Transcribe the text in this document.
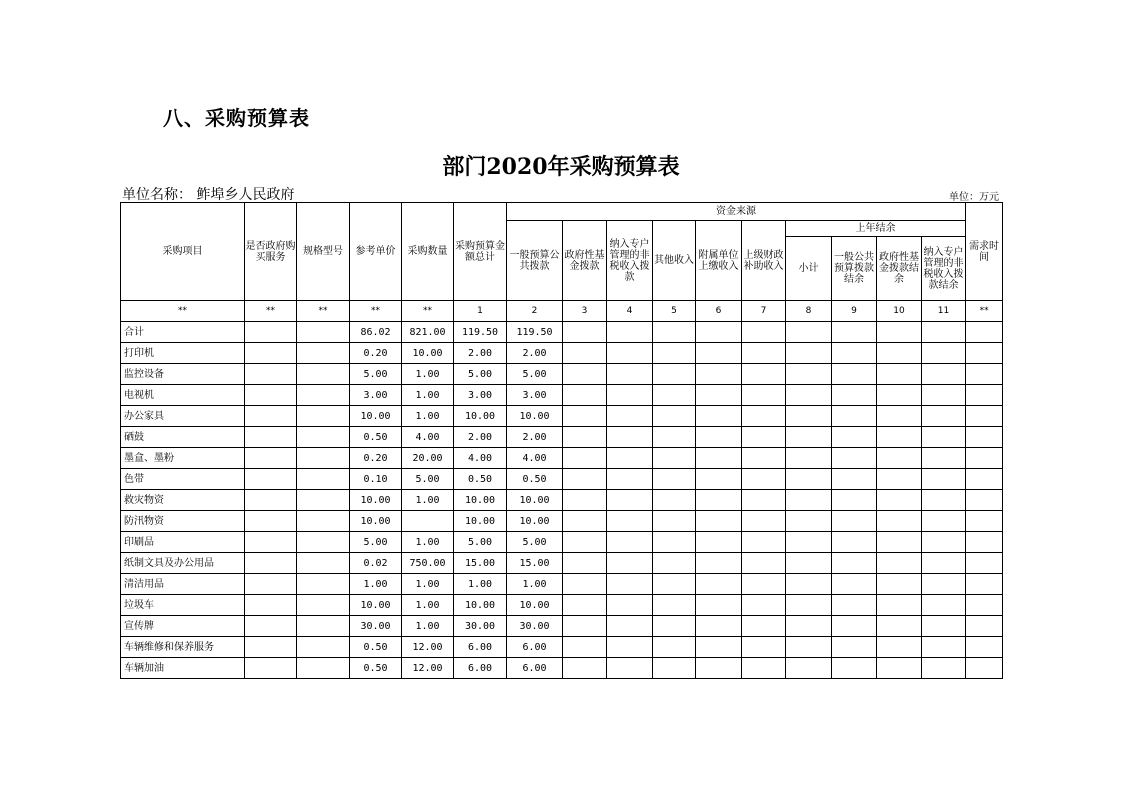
八、采购预算表
部门2020年采购预算表
单位名称： 鲊埠乡人民政府	单位：万元
采购项目	是否政府购买服务	规格型号	参考单价	采购数量	采购预算金额总计	资金来源										需求时间
						一般预算公共拨款	政府性基金拨款	纳入专户管理的非税收入拨款	其他收入	附属单位上缴收入	上级财政补助收入	上年结余				
												小计	一般公共预算拨款结余	政府性基金拨款结余	纳入专户管理的非税收入拨款结余	
**	**	**	**	**	1	2	3	4	5	6	7	8	9	10	11	**
合计			86.02	821.00	119.50	119.50										
打印机			0.20	10.00	2.00	2.00										
监控设备			5.00	1.00	5.00	5.00										
电视机			3.00	1.00	3.00	3.00										
办公家具			10.00	1.00	10.00	10.00										
硒鼓			0.50	4.00	2.00	2.00										
墨盒、墨粉			0.20	20.00	4.00	4.00										
色带			0.10	5.00	0.50	0.50										
救灾物资			10.00	1.00	10.00	10.00										
防汛物资			10.00		10.00	10.00										
印刷品			5.00	1.00	5.00	5.00										
纸制文具及办公用品			0.02	750.00	15.00	15.00										
清洁用品			1.00	1.00	1.00	1.00										
垃圾车			10.00	1.00	10.00	10.00										
宣传牌			30.00	1.00	30.00	30.00										
车辆维修和保养服务			0.50	12.00	6.00	6.00										
车辆加油			0.50	12.00	6.00	6.00										
